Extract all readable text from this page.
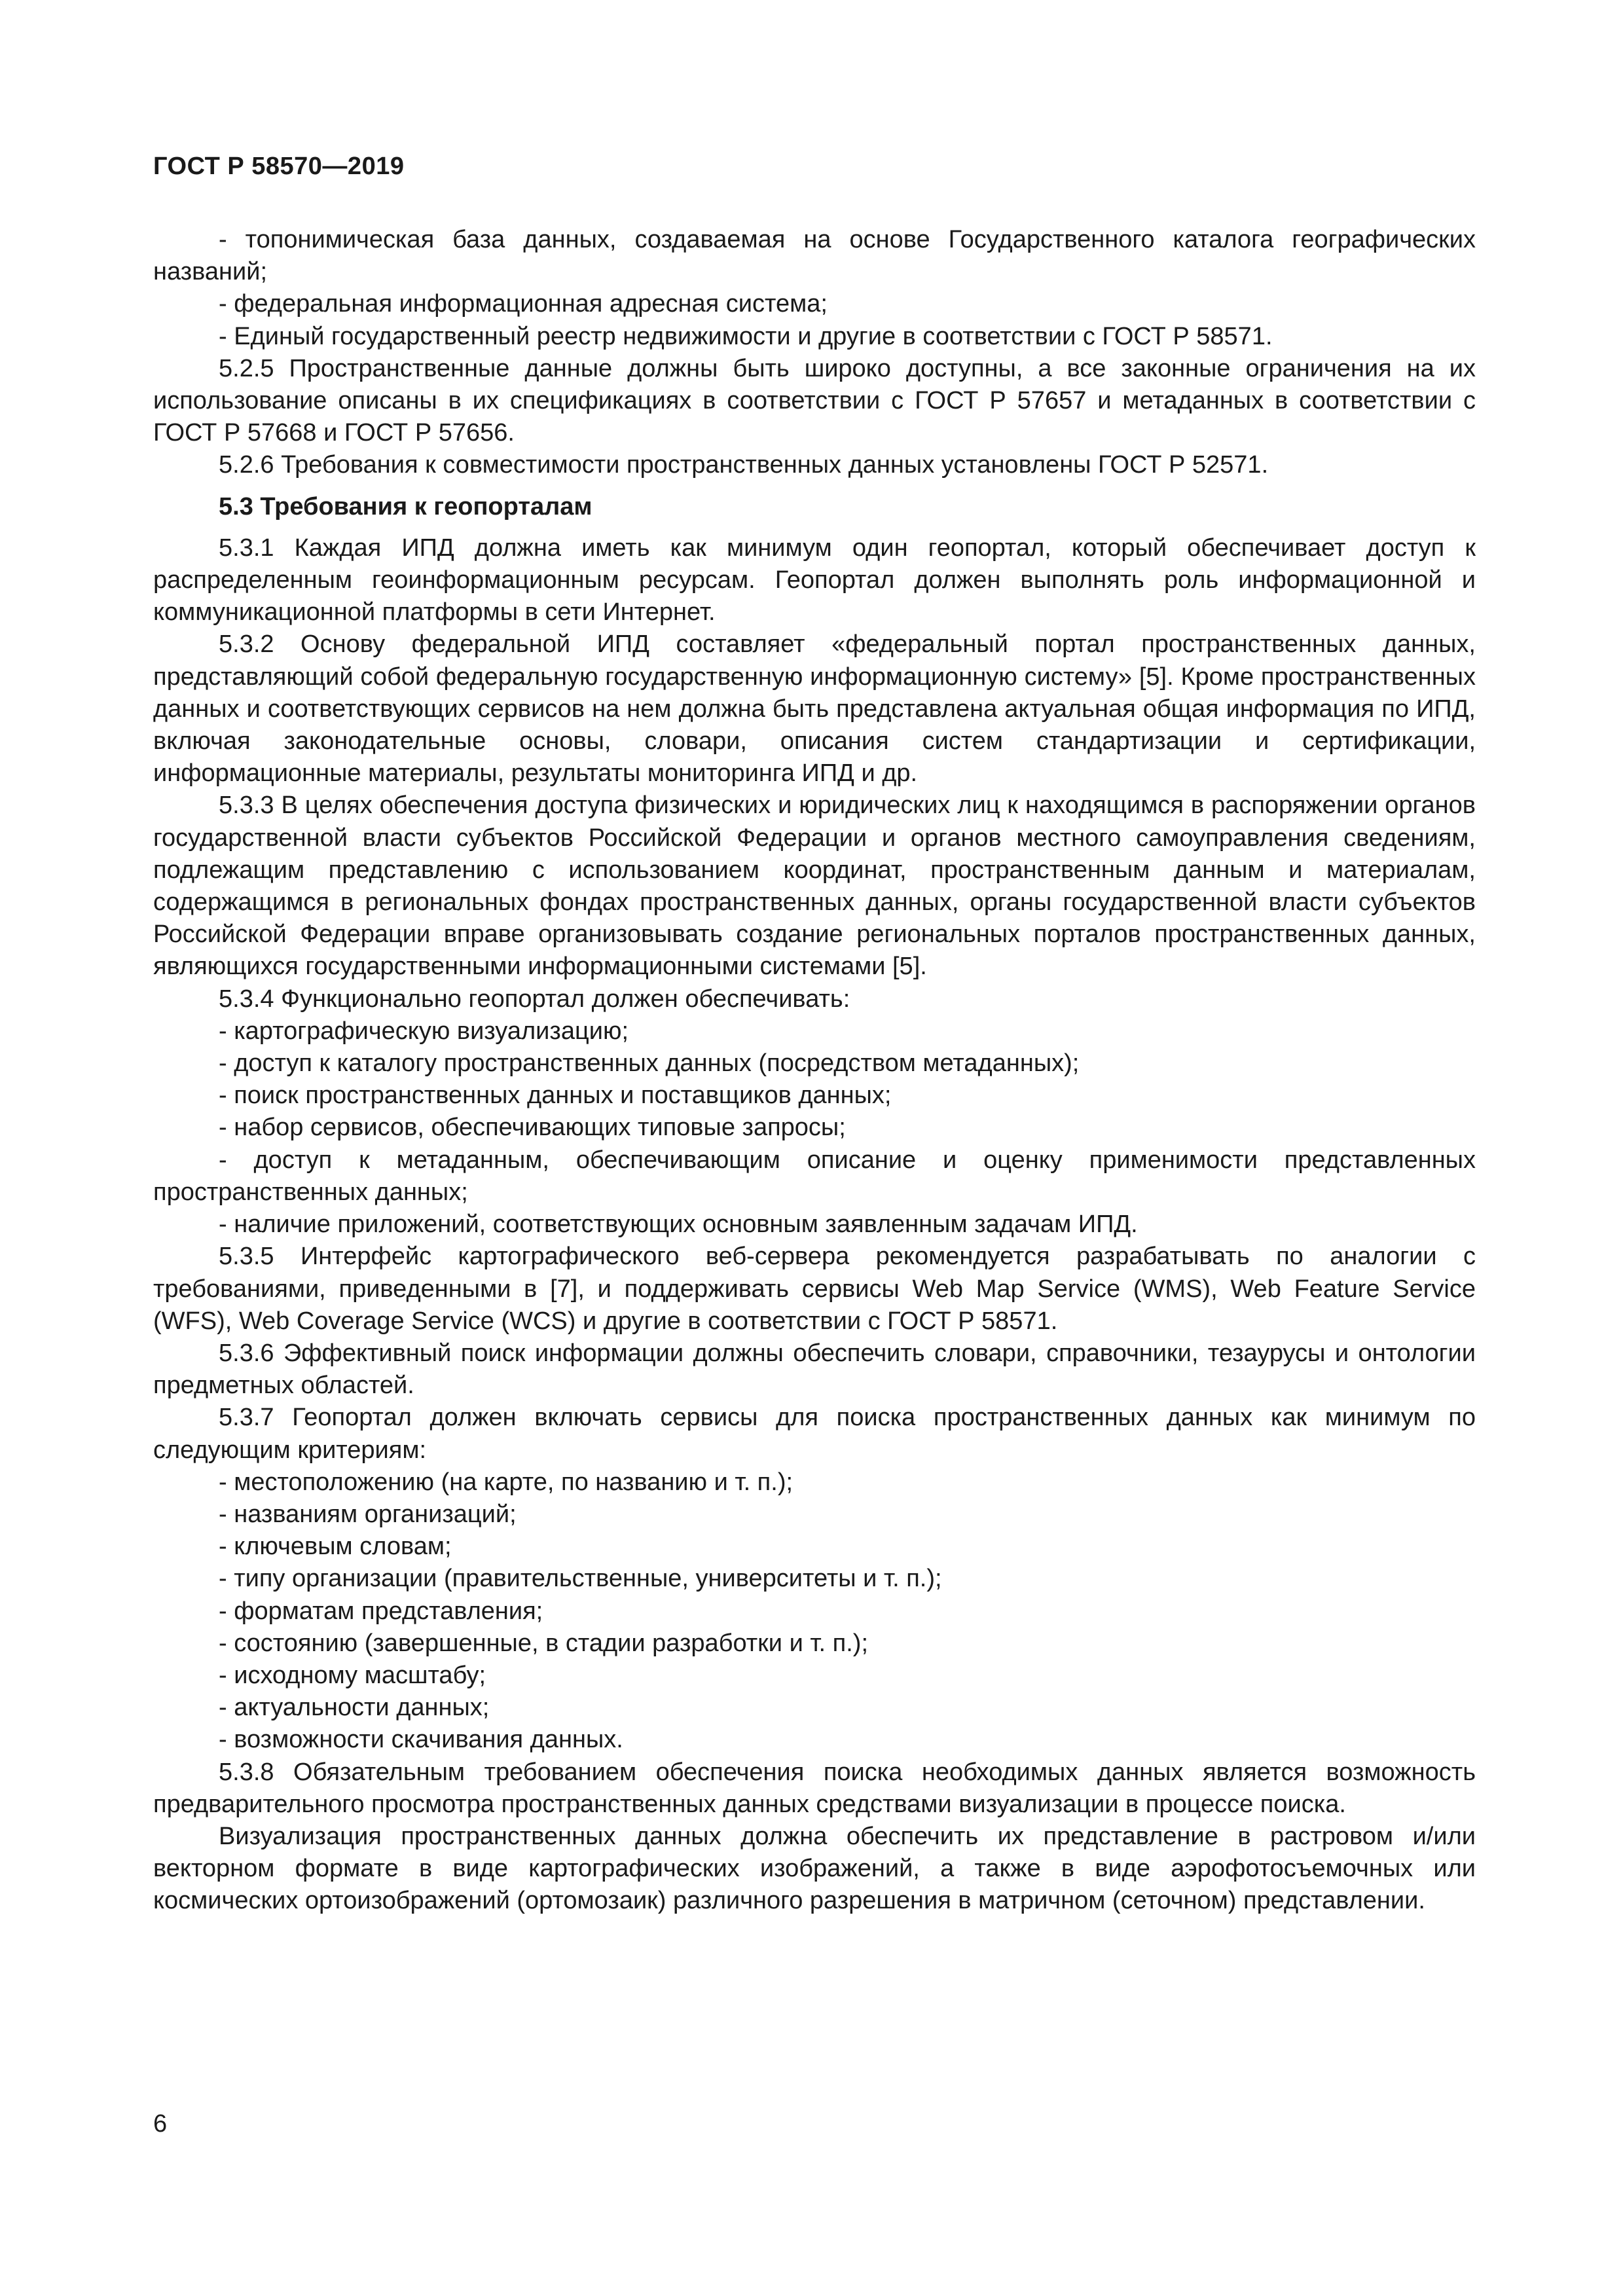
ГОСТ Р 58570—2019

- топонимическая база данных, создаваемая на основе Государственного каталога географических названий;

- федеральная информационная адресная система;

- Единый государственный реестр недвижимости и другие в соответствии с ГОСТ Р 58571.

5.2.5 Пространственные данные должны быть широко доступны, а все законные ограничения на их использование описаны в их спецификациях в соответствии с ГОСТ Р 57657 и метаданных в соответствии с ГОСТ Р 57668 и ГОСТ Р 57656.

5.2.6 Требования к совместимости пространственных данных установлены ГОСТ Р 52571.

5.3 Требования к геопорталам

5.3.1 Каждая ИПД должна иметь как минимум один геопортал, который обеспечивает доступ к распределенным геоинформационным ресурсам. Геопортал должен выполнять роль информационной и коммуникационной платформы в сети Интернет.

5.3.2 Основу федеральной ИПД составляет «федеральный портал пространственных данных, представляющий собой федеральную государственную информационную систему» [5]. Кроме пространственных данных и соответствующих сервисов на нем должна быть представлена актуальная общая информация по ИПД, включая законодательные основы, словари, описания систем стандартизации и сертификации, информационные материалы, результаты мониторинга ИПД и др.

5.3.3 В целях обеспечения доступа физических и юридических лиц к находящимся в распоряжении органов государственной власти субъектов Российской Федерации и органов местного самоуправления сведениям, подлежащим представлению с использованием координат, пространственным данным и материалам, содержащимся в региональных фондах пространственных данных, органы государственной власти субъектов Российской Федерации вправе организовывать создание региональных порталов пространственных данных, являющихся государственными информационными системами [5].

5.3.4 Функционально геопортал должен обеспечивать:

- картографическую визуализацию;

- доступ к каталогу пространственных данных (посредством метаданных);

- поиск пространственных данных и поставщиков данных;

- набор сервисов, обеспечивающих типовые запросы;

- доступ к метаданным, обеспечивающим описание и оценку применимости представленных пространственных данных;

- наличие приложений, соответствующих основным заявленным задачам ИПД.

5.3.5 Интерфейс картографического веб-сервера рекомендуется разрабатывать по аналогии с требованиями, приведенными в [7], и поддерживать сервисы Web Map Service (WMS), Web Feature Service (WFS), Web Coverage Service (WCS) и другие в соответствии с ГОСТ Р 58571.

5.3.6 Эффективный поиск информации должны обеспечить словари, справочники, тезаурусы и онтологии предметных областей.

5.3.7 Геопортал должен включать сервисы для поиска пространственных данных как минимум по следующим критериям:

- местоположению (на карте, по названию и т. п.);

- названиям организаций;

- ключевым словам;

- типу организации (правительственные, университеты и т. п.);

- форматам представления;

- состоянию (завершенные, в стадии разработки и т. п.);

- исходному масштабу;

- актуальности данных;

- возможности скачивания данных.

5.3.8 Обязательным требованием обеспечения поиска необходимых данных является возможность предварительного просмотра пространственных данных средствами визуализации в процессе поиска.

Визуализация пространственных данных должна обеспечить их представление в растровом и/или векторном формате в виде картографических изображений, а также в виде аэрофотосъемочных или космических ортоизображений (ортомозаик) различного разрешения в матричном (сеточном) представлении.

6
